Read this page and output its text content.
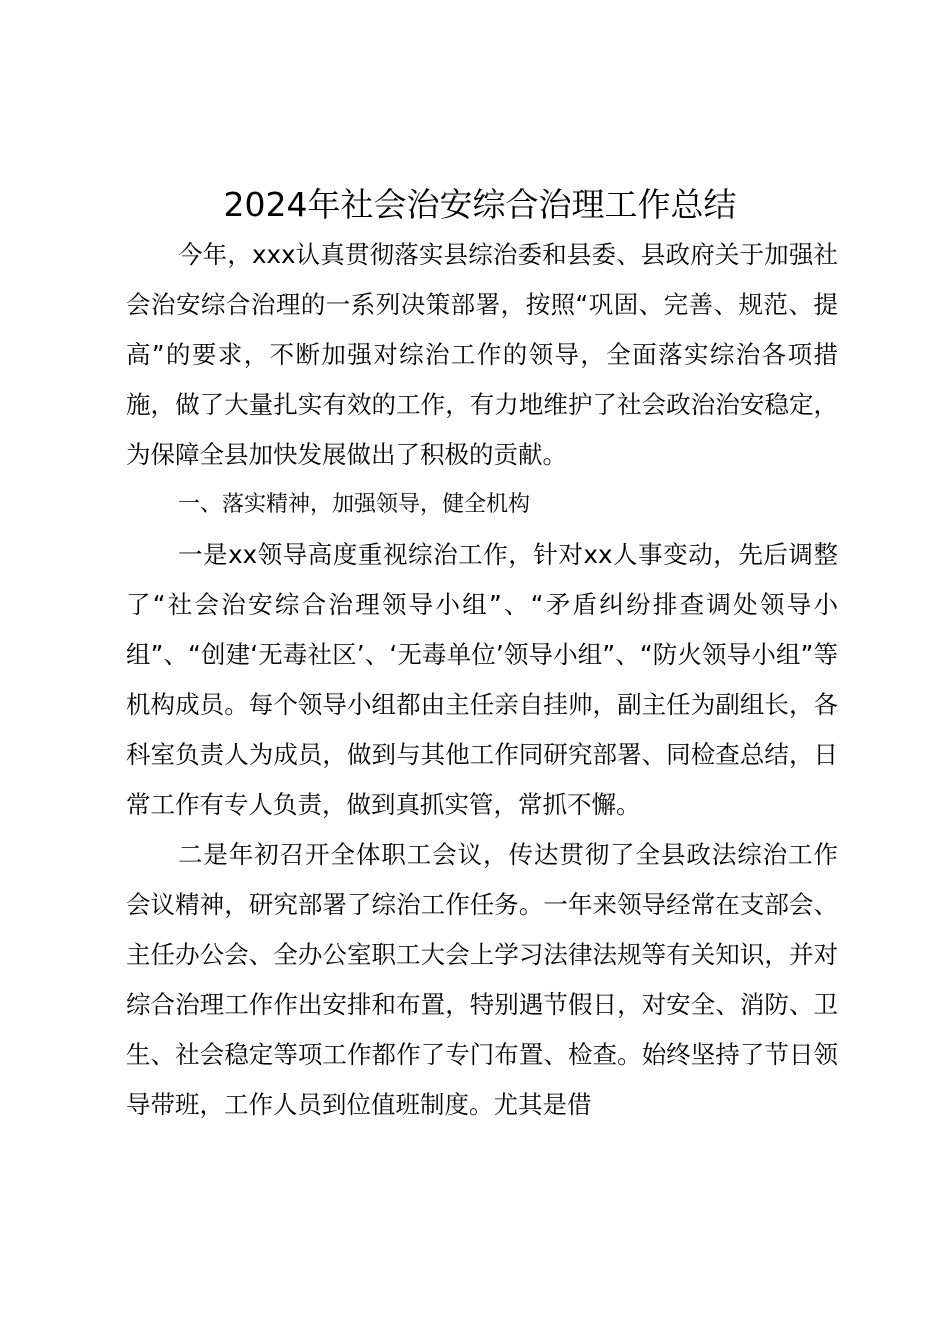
2024年社会治安综合治理工作总结

今年，xxx认真贯彻落实县综治委和县委、县政府关于加强社会治安综合治理的一系列决策部署，按照“巩固、完善、规范、提高”的要求，不断加强对综治工作的领导，全面落实综治各项措施，做了大量扎实有效的工作，有力地维护了社会政治治安稳定，为保障全县加快发展做出了积极的贡献。

一、落实精神，加强领导，健全机构

一是xx领导高度重视综治工作，针对xx人事变动，先后调整了“社会治安综合治理领导小组”、“矛盾纠纷排查调处领导小组”、“创建‘无毒社区’、‘无毒单位’领导小组”、“防火领导小组”等机构成员。每个领导小组都由主任亲自挂帅，副主任为副组长，各科室负责人为成员，做到与其他工作同研究部署、同检查总结，日常工作有专人负责，做到真抓实管，常抓不懈。

二是年初召开全体职工会议，传达贯彻了全县政法综治工作会议精神，研究部署了综治工作任务。一年来领导经常在支部会、主任办公会、全办公室职工大会上学习法律法规等有关知识，并对综合治理工作作出安排和布置，特别遇节假日，对安全、消防、卫生、社会稳定等项工作都作了专门布置、检查。始终坚持了节日领导带班，工作人员到位值班制度。尤其是借
